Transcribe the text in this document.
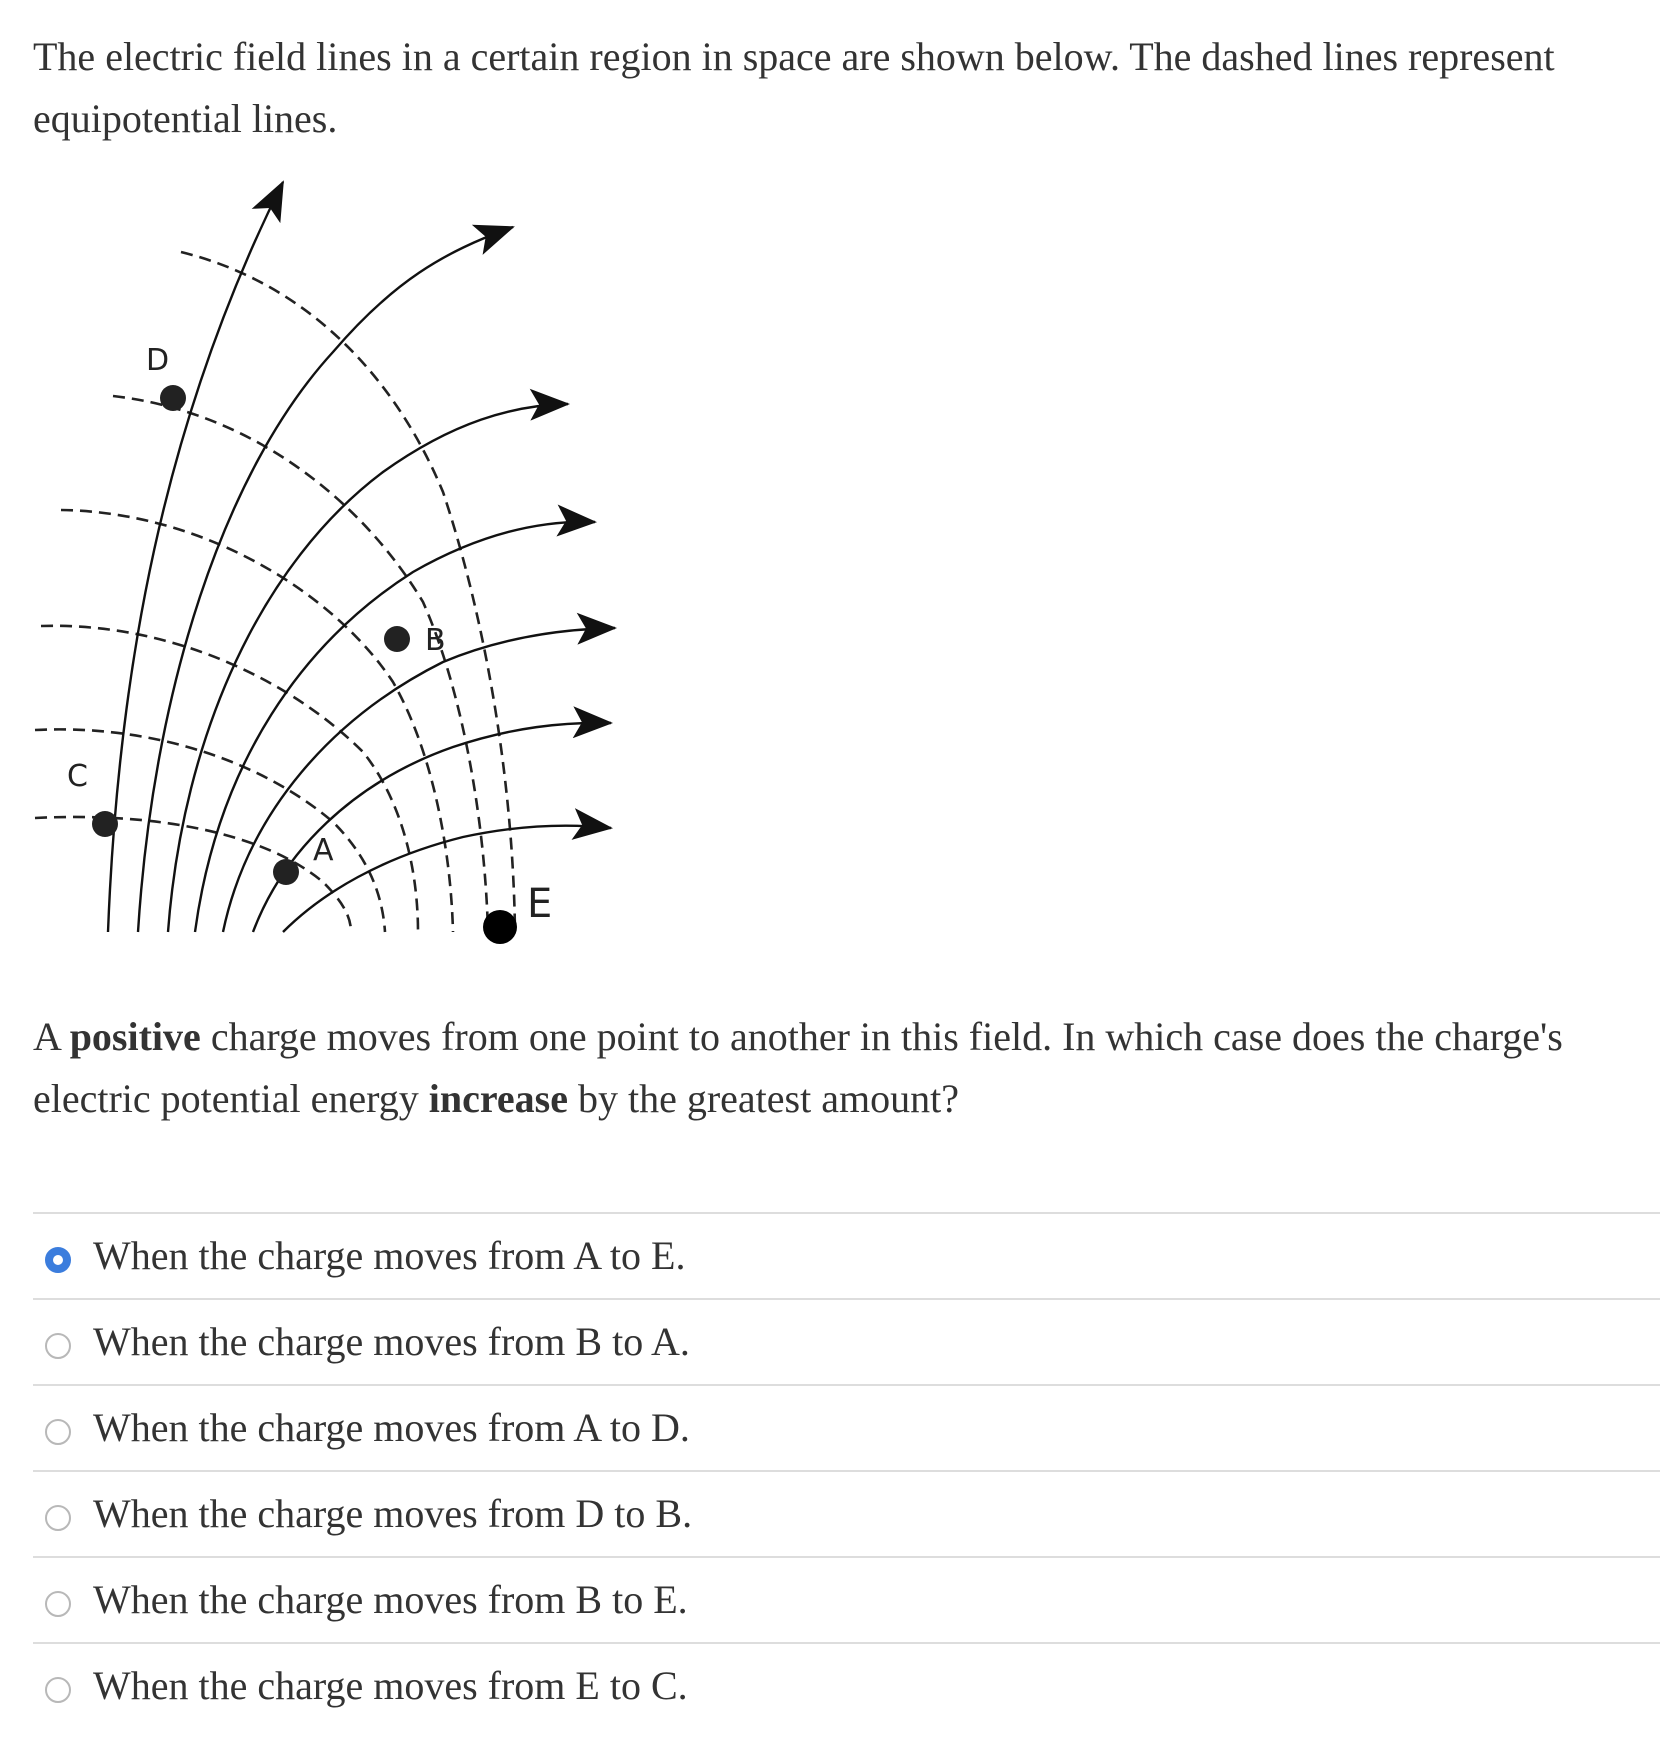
The electric field lines in a certain region in space are shown below. The dashed lines represent equipotential lines.

D
B
C
A
E

A positive charge moves from one point to another in this field. In which case does the charge's electric potential energy increase by the greatest amount?

When the charge moves from A to E.
When the charge moves from B to A.
When the charge moves from A to D.
When the charge moves from D to B.
When the charge moves from B to E.
When the charge moves from E to C.
